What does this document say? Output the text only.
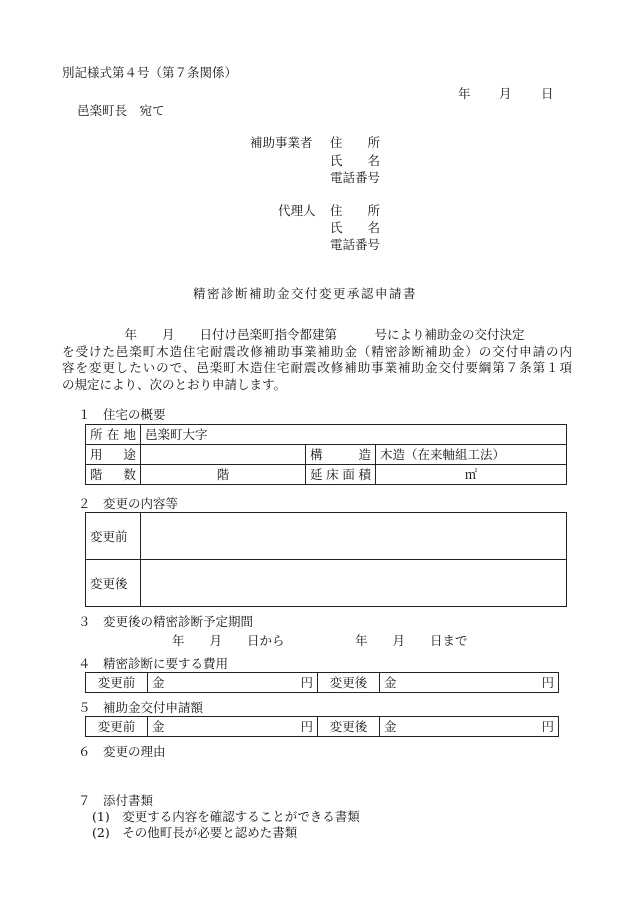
別記様式第４号（第７条関係）
年 月 日
邑楽町長　宛て
補助事業者 住　　所
氏　　名
電話番号
代理人 住　　所
氏　　名
電話番号
精密診断補助金交付変更承認申請書
　　　　　年　　月　　日付け邑楽町指令都建第　　　号により補助金の交付決定
を受けた邑楽町木造住宅耐震改修補助事業補助金（精密診断補助金）の交付申請の内
容を変更したいので、邑楽町木造住宅耐震改修補助事業補助金交付要綱第７条第１項
の規定により、次のとおり申請します。
１　住宅の概要
所在地	邑楽町大字		
用　途		構　　造	木造（在来軸組工法）
階　数	階	延床面積	㎡
２　変更の内容等
変更前	
変更後	
３　変更後の精密診断予定期間
年　　月　　日から	年　　月　　日まで
４　精密診断に要する費用
変更前	金	円	変更後	金	円
５　補助金交付申請額
変更前	金	円	変更後	金	円
６　変更の理由
７　添付書類
(1)　変更する内容を確認することができる書類
(2)　その他町長が必要と認めた書類
